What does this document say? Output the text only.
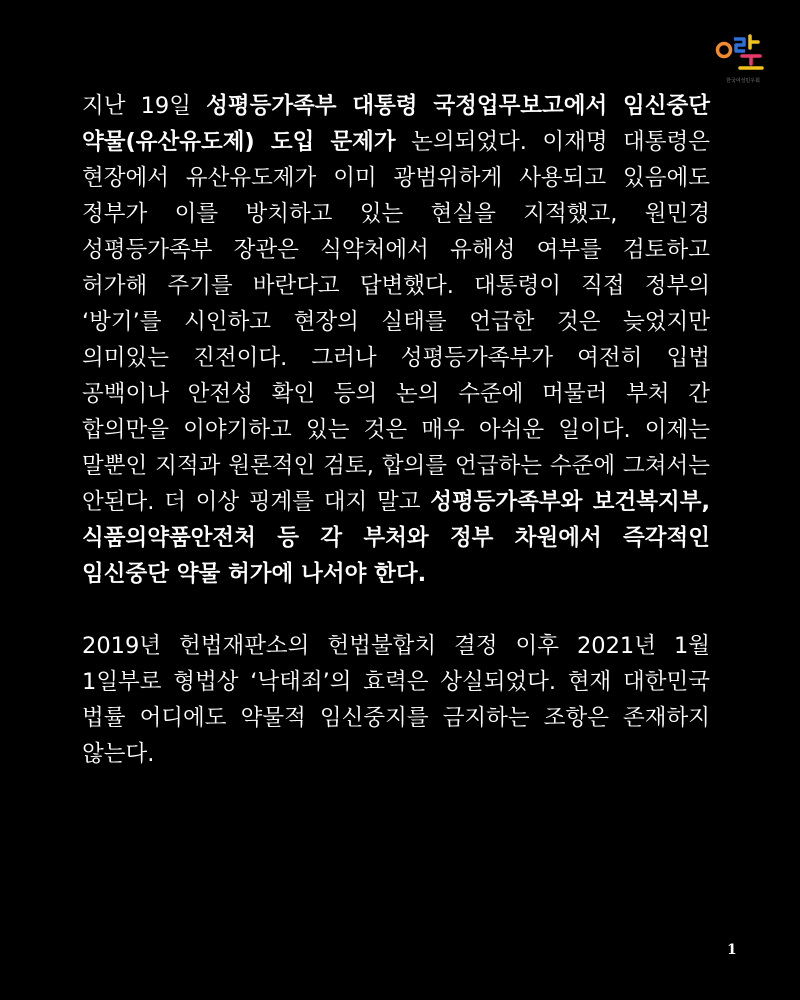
한국여성민우회

지난 19일 성평등가족부 대통령 국정업무보고에서 임신중단 약물(유산유도제) 도입 문제가 논의되었다. 이재명 대통령은 현장에서 유산유도제가 이미 광범위하게 사용되고 있음에도 정부가 이를 방치하고 있는 현실을 지적했고, 원민경 성평등가족부 장관은 식약처에서 유해성 여부를 검토하고 허가해 주기를 바란다고 답변했다. 대통령이 직접 정부의 ‘방기’를 시인하고 현장의 실태를 언급한 것은 늦었지만 의미있는 진전이다. 그러나 성평등가족부가 여전히 입법 공백이나 안전성 확인 등의 논의 수준에 머물러 부처 간 합의만을 이야기하고 있는 것은 매우 아쉬운 일이다. 이제는 말뿐인 지적과 원론적인 검토, 합의를 언급하는 수준에 그쳐서는 안된다. 더 이상 핑계를 대지 말고 성평등가족부와 보건복지부, 식품의약품안전처 등 각 부처와 정부 차원에서 즉각적인 임신중단 약물 허가에 나서야 한다.

2019년 헌법재판소의 헌법불합치 결정 이후 2021년 1월 1일부로 형법상 ‘낙태죄’의 효력은 상실되었다. 현재 대한민국 법률 어디에도 약물적 임신중지를 금지하는 조항은 존재하지 않는다.

1
